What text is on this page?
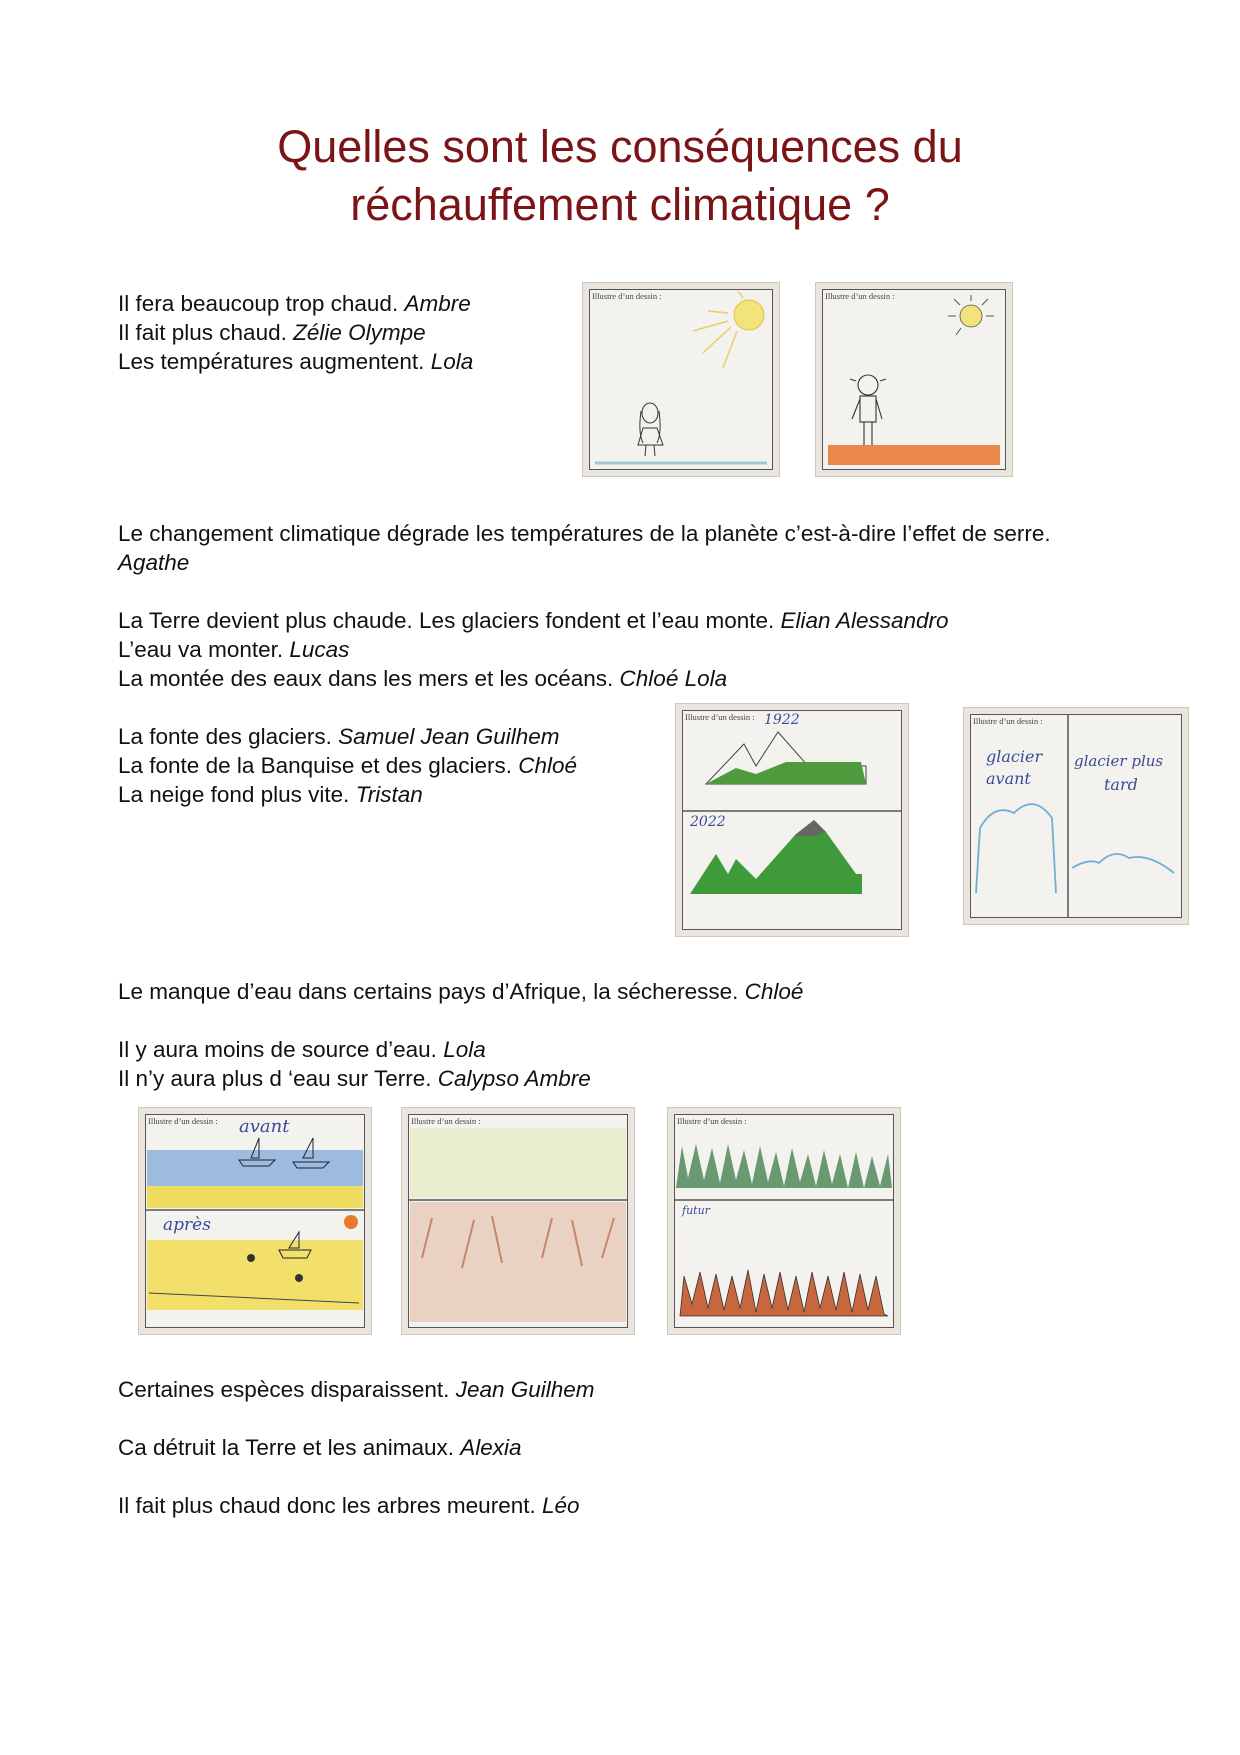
Quelles sont les conséquences du
réchauffement climatique ?

Il fera beaucoup trop chaud. Ambre

Il fait plus chaud. Zélie Olympe

Les températures augmentent. Lola

Illustre d’un dessin :	Illustre d’un dessin :

Le changement climatique dégrade les températures de la planète c’est-à-dire l’effet de serre. Agathe

La Terre devient plus chaude. Les glaciers fondent et l’eau monte. Elian Alessandro

L’eau va monter. Lucas

La montée des eaux dans les mers et les océans. Chloé Lola

La fonte des glaciers. Samuel Jean Guilhem

La fonte de la Banquise et des glaciers. Chloé

La neige fond plus vite. Tristan

Illustre d’un dessin : 1922
2022
Illustre d’un dessin :
glacier
avant
glacier plus
tard

Le manque d’eau dans certains pays d’Afrique, la sécheresse. Chloé

Il y aura moins de source d’eau. Lola

Il n’y aura plus d ‘eau sur Terre. Calypso Ambre

Illustre d’un dessin : avant
après
Illustre d’un dessin :	Illustre d’un dessin :
futur

Certaines espèces disparaissent. Jean Guilhem

Ca détruit la Terre et les animaux. Alexia

Il fait plus chaud donc les arbres meurent. Léo
